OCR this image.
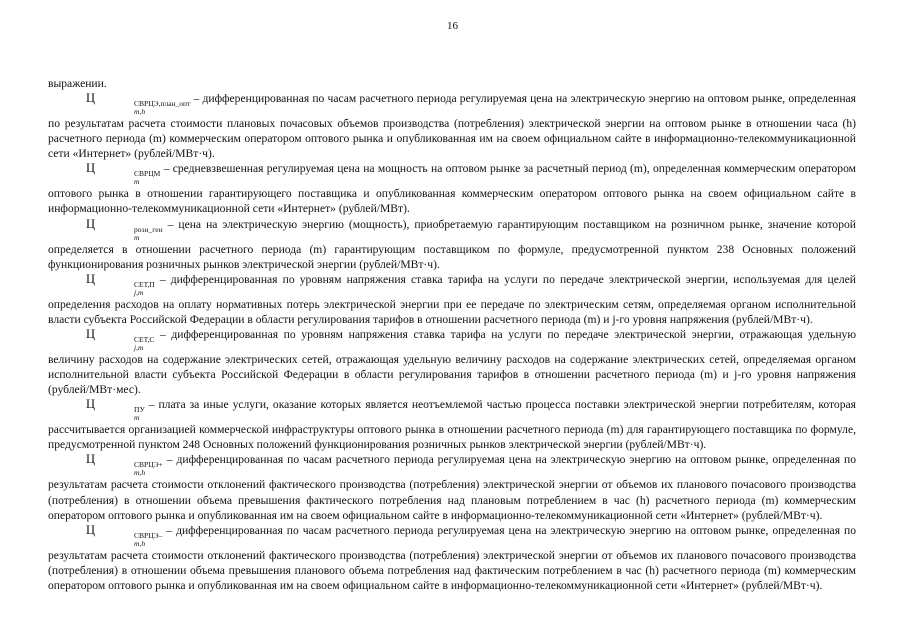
16

выражении.

Ц	СВРЦЭ,план_опт
m,h
– дифференцированная по часам расчетного периода регулируемая цена на электрическую энергию на оптовом рынке, определенная по результатам расчета стоимости плановых почасовых объемов производства (потребления) электрической энергии на оптовом рынке в отношении часа (h) расчетного периода (m) коммерческим оператором оптового рынка и опубликованная им на своем официальном сайте в информационно-телекоммуникационной сети «Интернет» (рублей/МВт·ч).

Ц	СВРЦМ
m
– средневзвешенная регулируемая цена на мощность на оптовом рынке за расчетный период (m), определенная коммерческим оператором оптового рынка в отношении гарантирующего поставщика и опубликованная коммерческим оператором оптового рынка на своем официальном сайте в информационно-телекоммуникационной сети «Интернет» (рублей/МВт).

Ц	розн_ген
m
– цена на электрическую энергию (мощность), приобретаемую гарантирующим поставщиком на розничном рынке, значение которой определяется в отношении расчетного периода (m) гарантирующим поставщиком по формуле, предусмотренной пунктом 238 Основных положений функционирования розничных рынков электрической энергии (рублей/МВт·ч).

Ц	СЕТ,П
j,m
– дифференцированная по уровням напряжения ставка тарифа на услуги по передаче электрической энергии, используемая для целей определения расходов на оплату нормативных потерь электрической энергии при ее передаче по электрическим сетям, определяемая органом исполнительной власти субъекта Российской Федерации в области регулирования тарифов в отношении расчетного периода (m) и j-го уровня напряжения (рублей/МВт·ч).

Ц	СЕТ,С
j,m
– дифференцированная по уровням напряжения ставка тарифа на услуги по передаче электрической энергии, отражающая удельную величину расходов на содержание электрических сетей, отражающая удельную величину расходов на содержание электрических сетей, определяемая органом исполнительной власти субъекта Российской Федерации в области регулирования тарифов в отношении расчетного периода (m) и j-го уровня напряжения (рублей/МВт·мес).

Ц	ПУ
m
– плата за иные услуги, оказание которых является неотъемлемой частью процесса поставки электрической энергии потребителям, которая рассчитывается организацией коммерческой инфраструктуры оптового рынка в отношении расчетного периода (m) для гарантирующего поставщика по формуле, предусмотренной пунктом 248 Основных положений функционирования розничных рынков электрической энергии (рублей/МВт·ч).

Ц	СВРЦЭ+
m,h
– дифференцированная по часам расчетного периода регулируемая цена на электрическую энергию на оптовом рынке, определенная по результатам расчета стоимости отклонений фактического производства (потребления) электрической энергии от объемов их планового почасового производства (потребления) в отношении объема превышения фактического потребления над плановым потреблением в час (h) расчетного периода (m) коммерческим оператором оптового рынка и опубликованная им на своем официальном сайте в информационно-телекоммуникационной сети «Интернет» (рублей/МВт·ч).

Ц	СВРЦЭ–
m,h
– дифференцированная по часам расчетного периода регулируемая цена на электрическую энергию на оптовом рынке, определенная по результатам расчета стоимости отклонений фактического производства (потребления) электрической энергии от объемов их планового почасового производства (потребления) в отношении объема превышения планового объема потребления над фактическим потреблением в час (h) расчетного периода (m) коммерческим оператором оптового рынка и опубликованная им на своем официальном сайте в информационно-телекоммуникационной сети «Интернет» (рублей/МВт·ч).
